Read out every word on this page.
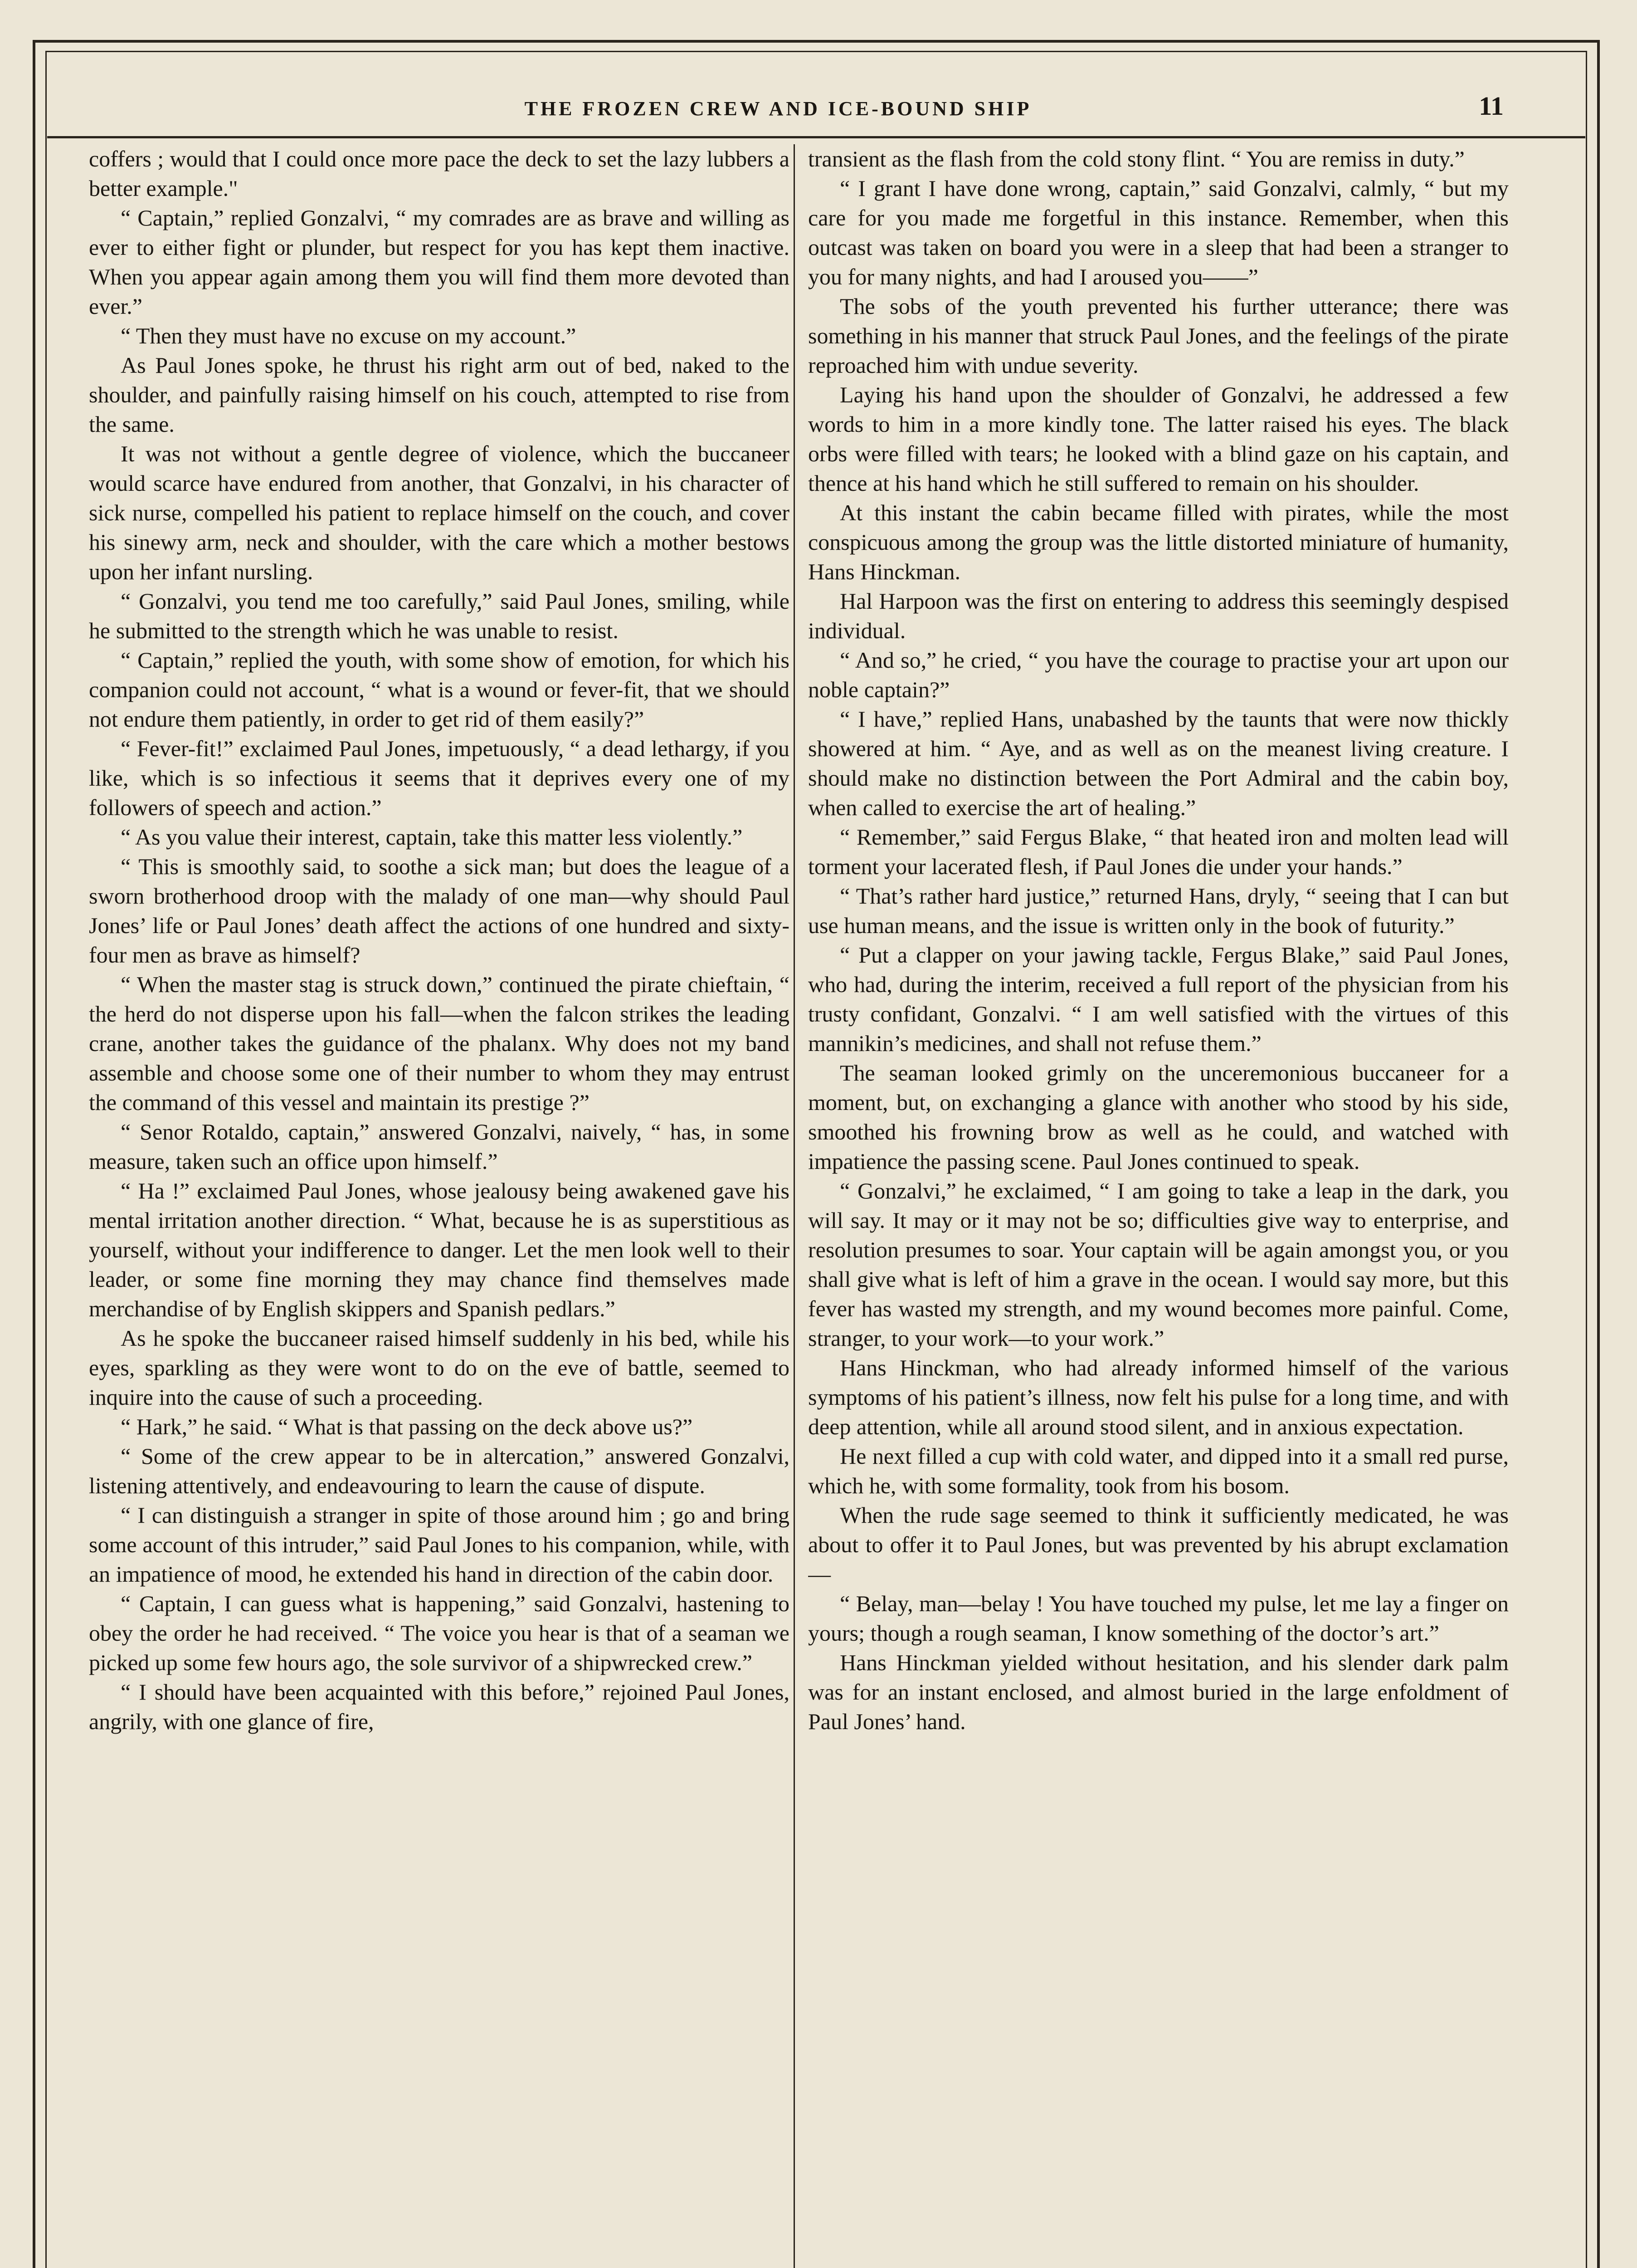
THE FROZEN CREW AND ICE-BOUND SHIP	11

coffers ; would that I could once more pace the deck to set the lazy lubbers a better example."

“ Captain,” replied Gonzalvi, “ my comrades are as brave and willing as ever to either fight or plunder, but respect for you has kept them inactive. When you appear again among them you will find them more devoted than ever.”

“ Then they must have no excuse on my account.”

As Paul Jones spoke, he thrust his right arm out of bed, naked to the shoulder, and painfully raising himself on his couch, attempted to rise from the same.

It was not without a gentle degree of violence, which the buccaneer would scarce have endured from another, that Gonzalvi, in his character of sick nurse, compelled his patient to replace himself on the couch, and cover his sinewy arm, neck and shoulder, with the care which a mother bestows upon her infant nursling.

“ Gonzalvi, you tend me too carefully,” said Paul Jones, smiling, while he submitted to the strength which he was unable to resist.

“ Captain,” replied the youth, with some show of emotion, for which his companion could not account, “ what is a wound or fever-fit, that we should not endure them patiently, in order to get rid of them easily?”

“ Fever-fit!” exclaimed Paul Jones, impetuously, “ a dead lethargy, if you like, which is so infectious it seems that it deprives every one of my followers of speech and action.”

“ As you value their interest, captain, take this matter less violently.”

“ This is smoothly said, to soothe a sick man; but does the league of a sworn brotherhood droop with the malady of one man—why should Paul Jones’ life or Paul Jones’ death affect the actions of one hundred and sixty-four men as brave as himself?

“ When the master stag is struck down,” continued the pirate chieftain, “ the herd do not disperse upon his fall—when the falcon strikes the leading crane, another takes the guidance of the phalanx. Why does not my band assemble and choose some one of their number to whom they may entrust the command of this vessel and maintain its prestige ?”

“ Senor Rotaldo, captain,” answered Gonzalvi, naively, “ has, in some measure, taken such an office upon himself.”

“ Ha !” exclaimed Paul Jones, whose jealousy being awakened gave his mental irritation another direction. “ What, because he is as superstitious as yourself, without your indifference to danger. Let the men look well to their leader, or some fine morning they may chance find themselves made merchandise of by English skippers and Spanish pedlars.”

As he spoke the buccaneer raised himself suddenly in his bed, while his eyes, sparkling as they were wont to do on the eve of battle, seemed to inquire into the cause of such a proceeding.

“ Hark,” he said. “ What is that passing on the deck above us?”

“ Some of the crew appear to be in altercation,” answered Gonzalvi, listening attentively, and endeavouring to learn the cause of dispute.

“ I can distinguish a stranger in spite of those around him ; go and bring some account of this intruder,” said Paul Jones to his companion, while, with an impatience of mood, he extended his hand in direction of the cabin door.

“ Captain, I can guess what is happening,” said Gonzalvi, hastening to obey the order he had received. “ The voice you hear is that of a seaman we picked up some few hours ago, the sole survivor of a shipwrecked crew.”

“ I should have been acquainted with this before,” rejoined Paul Jones, angrily, with one glance of fire,

transient as the flash from the cold stony flint. “ You are remiss in duty.”

“ I grant I have done wrong, captain,” said Gonzalvi, calmly, “ but my care for you made me forgetful in this instance. Remember, when this outcast was taken on board you were in a sleep that had been a stranger to you for many nights, and had I aroused you——”

The sobs of the youth prevented his further utterance; there was something in his manner that struck Paul Jones, and the feelings of the pirate reproached him with undue severity.

Laying his hand upon the shoulder of Gonzalvi, he addressed a few words to him in a more kindly tone. The latter raised his eyes. The black orbs were filled with tears; he looked with a blind gaze on his captain, and thence at his hand which he still suffered to remain on his shoulder.

At this instant the cabin became filled with pirates, while the most conspicuous among the group was the little distorted miniature of humanity, Hans Hinckman.

Hal Harpoon was the first on entering to address this seemingly despised individual.

“ And so,” he cried, “ you have the courage to practise your art upon our noble captain?”

“ I have,” replied Hans, unabashed by the taunts that were now thickly showered at him. “ Aye, and as well as on the meanest living creature. I should make no distinction between the Port Admiral and the cabin boy, when called to exercise the art of healing.”

“ Remember,” said Fergus Blake, “ that heated iron and molten lead will torment your lacerated flesh, if Paul Jones die under your hands.”

“ That’s rather hard justice,” returned Hans, dryly, “ seeing that I can but use human means, and the issue is written only in the book of futurity.”

“ Put a clapper on your jawing tackle, Fergus Blake,” said Paul Jones, who had, during the interim, received a full report of the physician from his trusty confidant, Gonzalvi. “ I am well satisfied with the virtues of this mannikin’s medicines, and shall not refuse them.”

The seaman looked grimly on the unceremonious buccaneer for a moment, but, on exchanging a glance with another who stood by his side, smoothed his frowning brow as well as he could, and watched with impatience the passing scene. Paul Jones continued to speak.

“ Gonzalvi,” he exclaimed, “ I am going to take a leap in the dark, you will say. It may or it may not be so; difficulties give way to enterprise, and resolution presumes to soar. Your captain will be again amongst you, or you shall give what is left of him a grave in the ocean. I would say more, but this fever has wasted my strength, and my wound becomes more painful. Come, stranger, to your work—to your work.”

Hans Hinckman, who had already informed himself of the various symptoms of his patient’s illness, now felt his pulse for a long time, and with deep attention, while all around stood silent, and in anxious expectation.

He next filled a cup with cold water, and dipped into it a small red purse, which he, with some formality, took from his bosom.

When the rude sage seemed to think it sufficiently medicated, he was about to offer it to Paul Jones, but was prevented by his abrupt exclamation—

“ Belay, man—belay ! You have touched my pulse, let me lay a finger on yours; though a rough seaman, I know something of the doctor’s art.”

Hans Hinckman yielded without hesitation, and his slender dark palm was for an instant enclosed, and almost buried in the large enfoldment of Paul Jones’ hand.
